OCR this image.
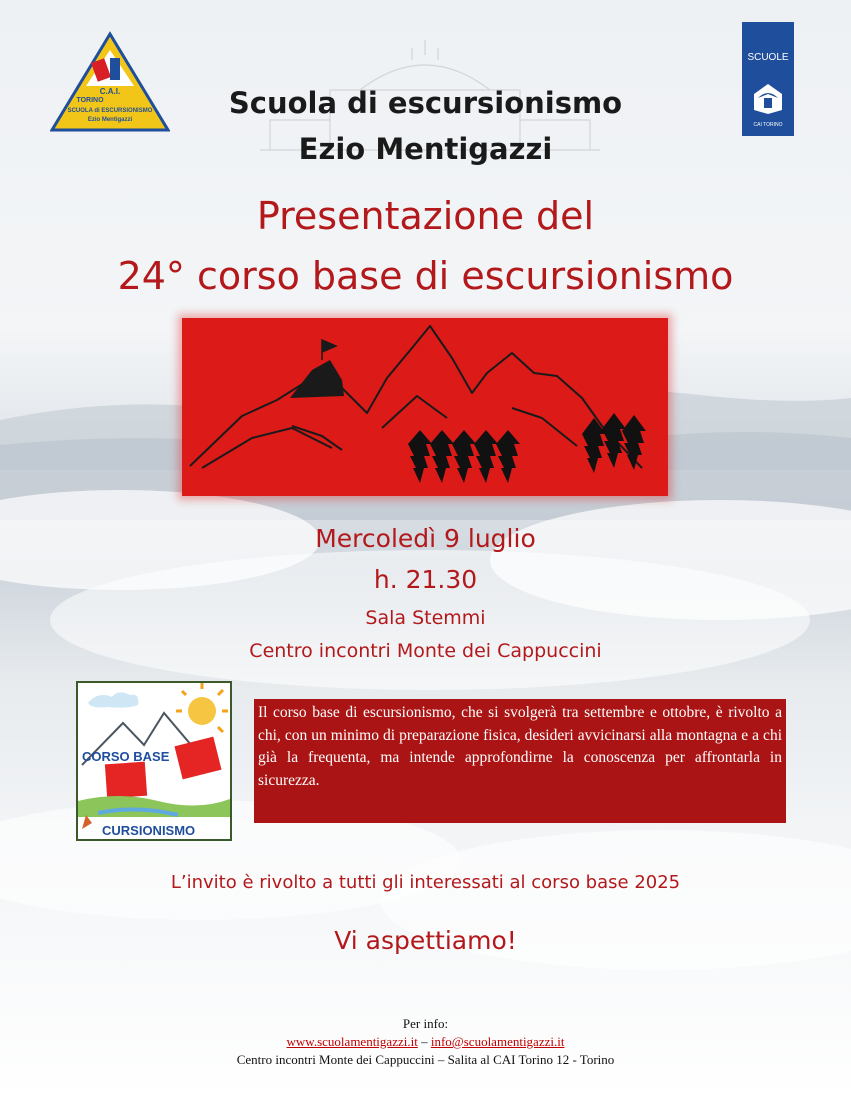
C.A.I.
TORINO
SCUOLA di ESCURSIONISMO
Ezio Mentigazzi
SCUOLE
CAI TORINO
Scuola di escursionismo
Ezio Mentigazzi
Presentazione del
24° corso base di escursionismo
Mercoledì 9 luglio
h. 21.30
Sala Stemmi
Centro incontri Monte dei Cappuccini
CORSO BASE
CURSIONISMO

Il corso base di escursionismo, che si svolgerà tra settembre e ottobre, è rivolto a chi, con un minimo di preparazione fisica, desideri avvicinarsi alla montagna e a chi già la frequenta, ma intende approfondirne la conoscenza per affrontarla in sicurezza.

L’invito è rivolto a tutti gli interessati al corso base 2025
Vi aspettiamo!
Per info:
www.scuolamentigazzi.it – info@scuolamentigazzi.it
Centro incontri Monte dei Cappuccini – Salita al CAI Torino 12 - Torino
